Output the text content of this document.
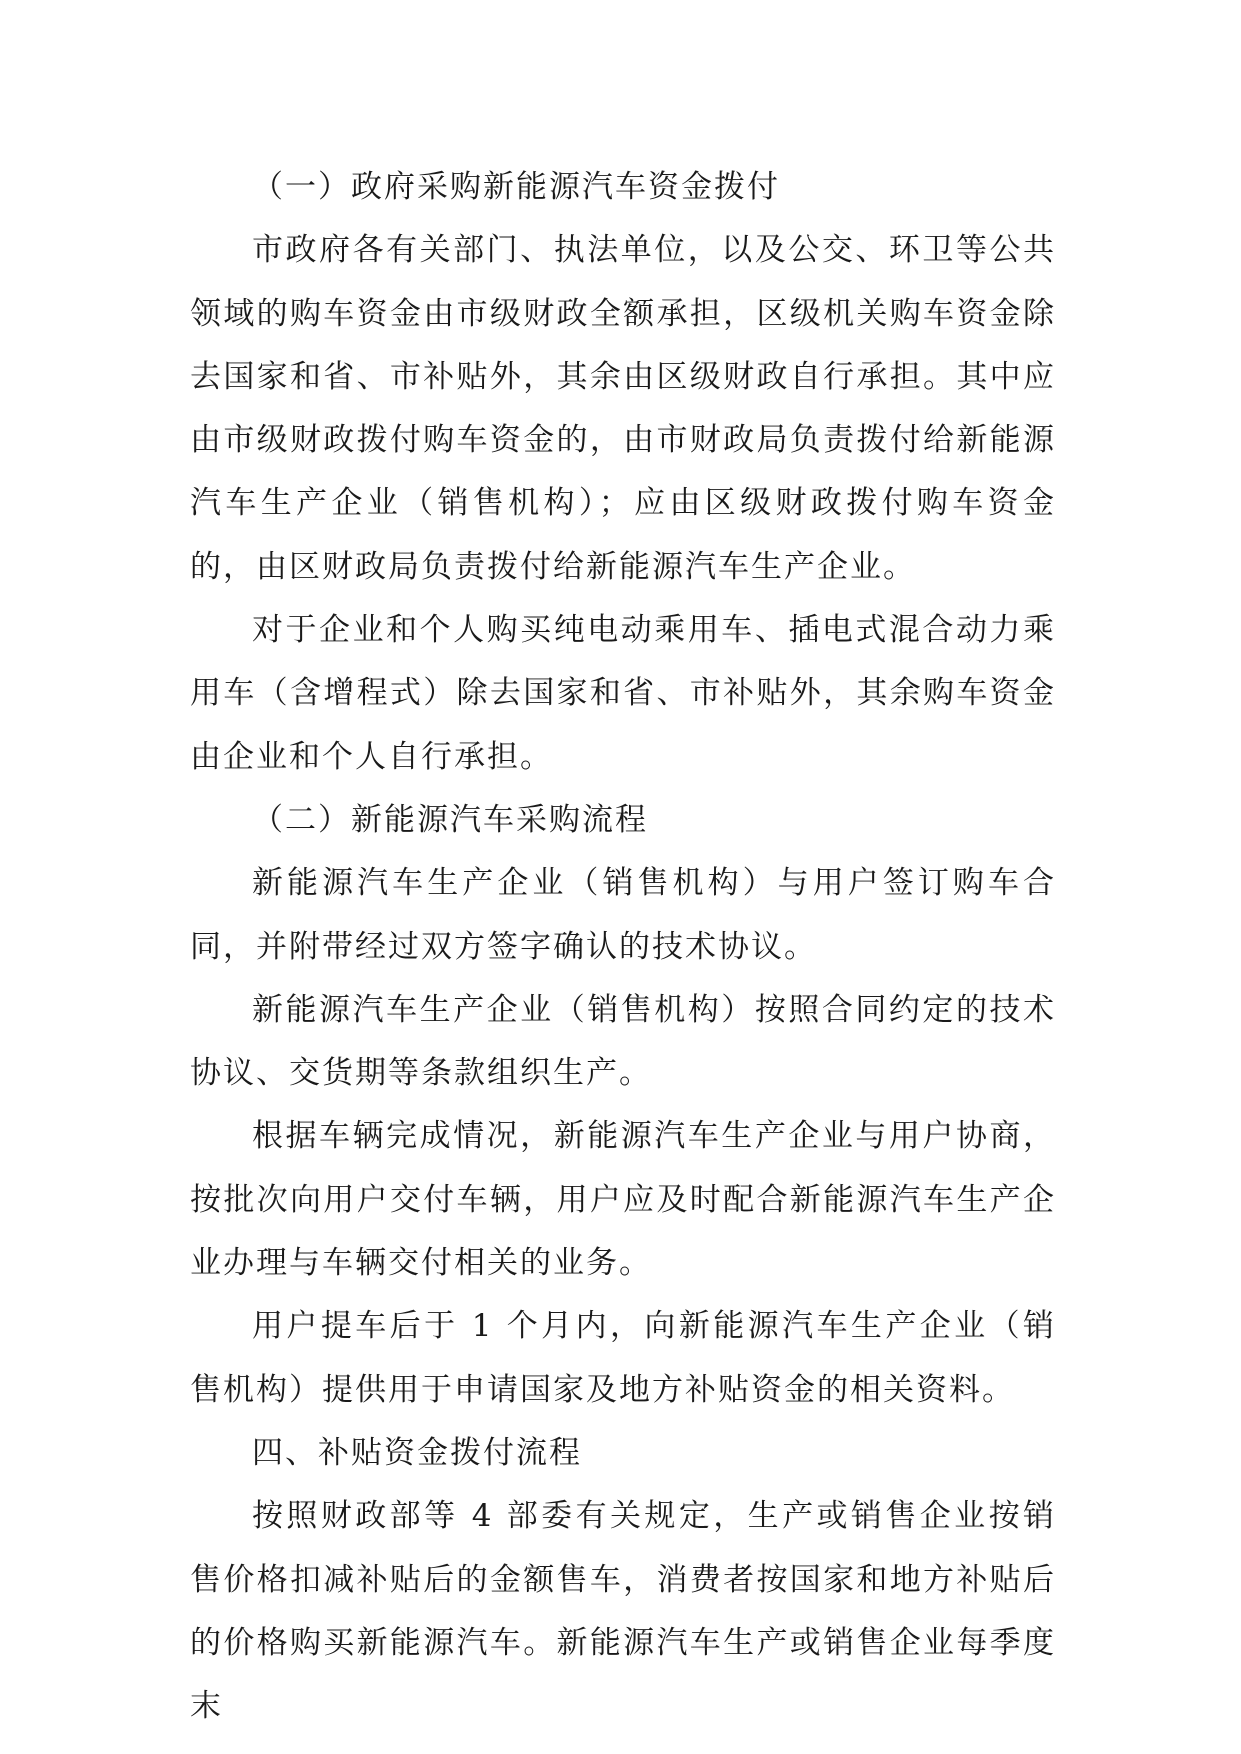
（一）政府采购新能源汽车资金拨付

市政府各有关部门、执法单位，以及公交、环卫等公共领域的购车资金由市级财政全额承担，区级机关购车资金除去国家和省、市补贴外，其余由区级财政自行承担。其中应由市级财政拨付购车资金的，由市财政局负责拨付给新能源汽车生产企业（销售机构）；应由区级财政拨付购车资金的，由区财政局负责拨付给新能源汽车生产企业。

对于企业和个人购买纯电动乘用车、插电式混合动力乘用车（含增程式）除去国家和省、市补贴外，其余购车资金由企业和个人自行承担。

（二）新能源汽车采购流程

新能源汽车生产企业（销售机构）与用户签订购车合同，并附带经过双方签字确认的技术协议。

新能源汽车生产企业（销售机构）按照合同约定的技术协议、交货期等条款组织生产。

根据车辆完成情况，新能源汽车生产企业与用户协商，按批次向用户交付车辆，用户应及时配合新能源汽车生产企业办理与车辆交付相关的业务。

用户提车后于 1 个月内，向新能源汽车生产企业（销售机构）提供用于申请国家及地方补贴资金的相关资料。

四、补贴资金拨付流程

按照财政部等 4 部委有关规定，生产或销售企业按销售价格扣减补贴后的金额售车，消费者按国家和地方补贴后的价格购买新能源汽车。新能源汽车生产或销售企业每季度末
